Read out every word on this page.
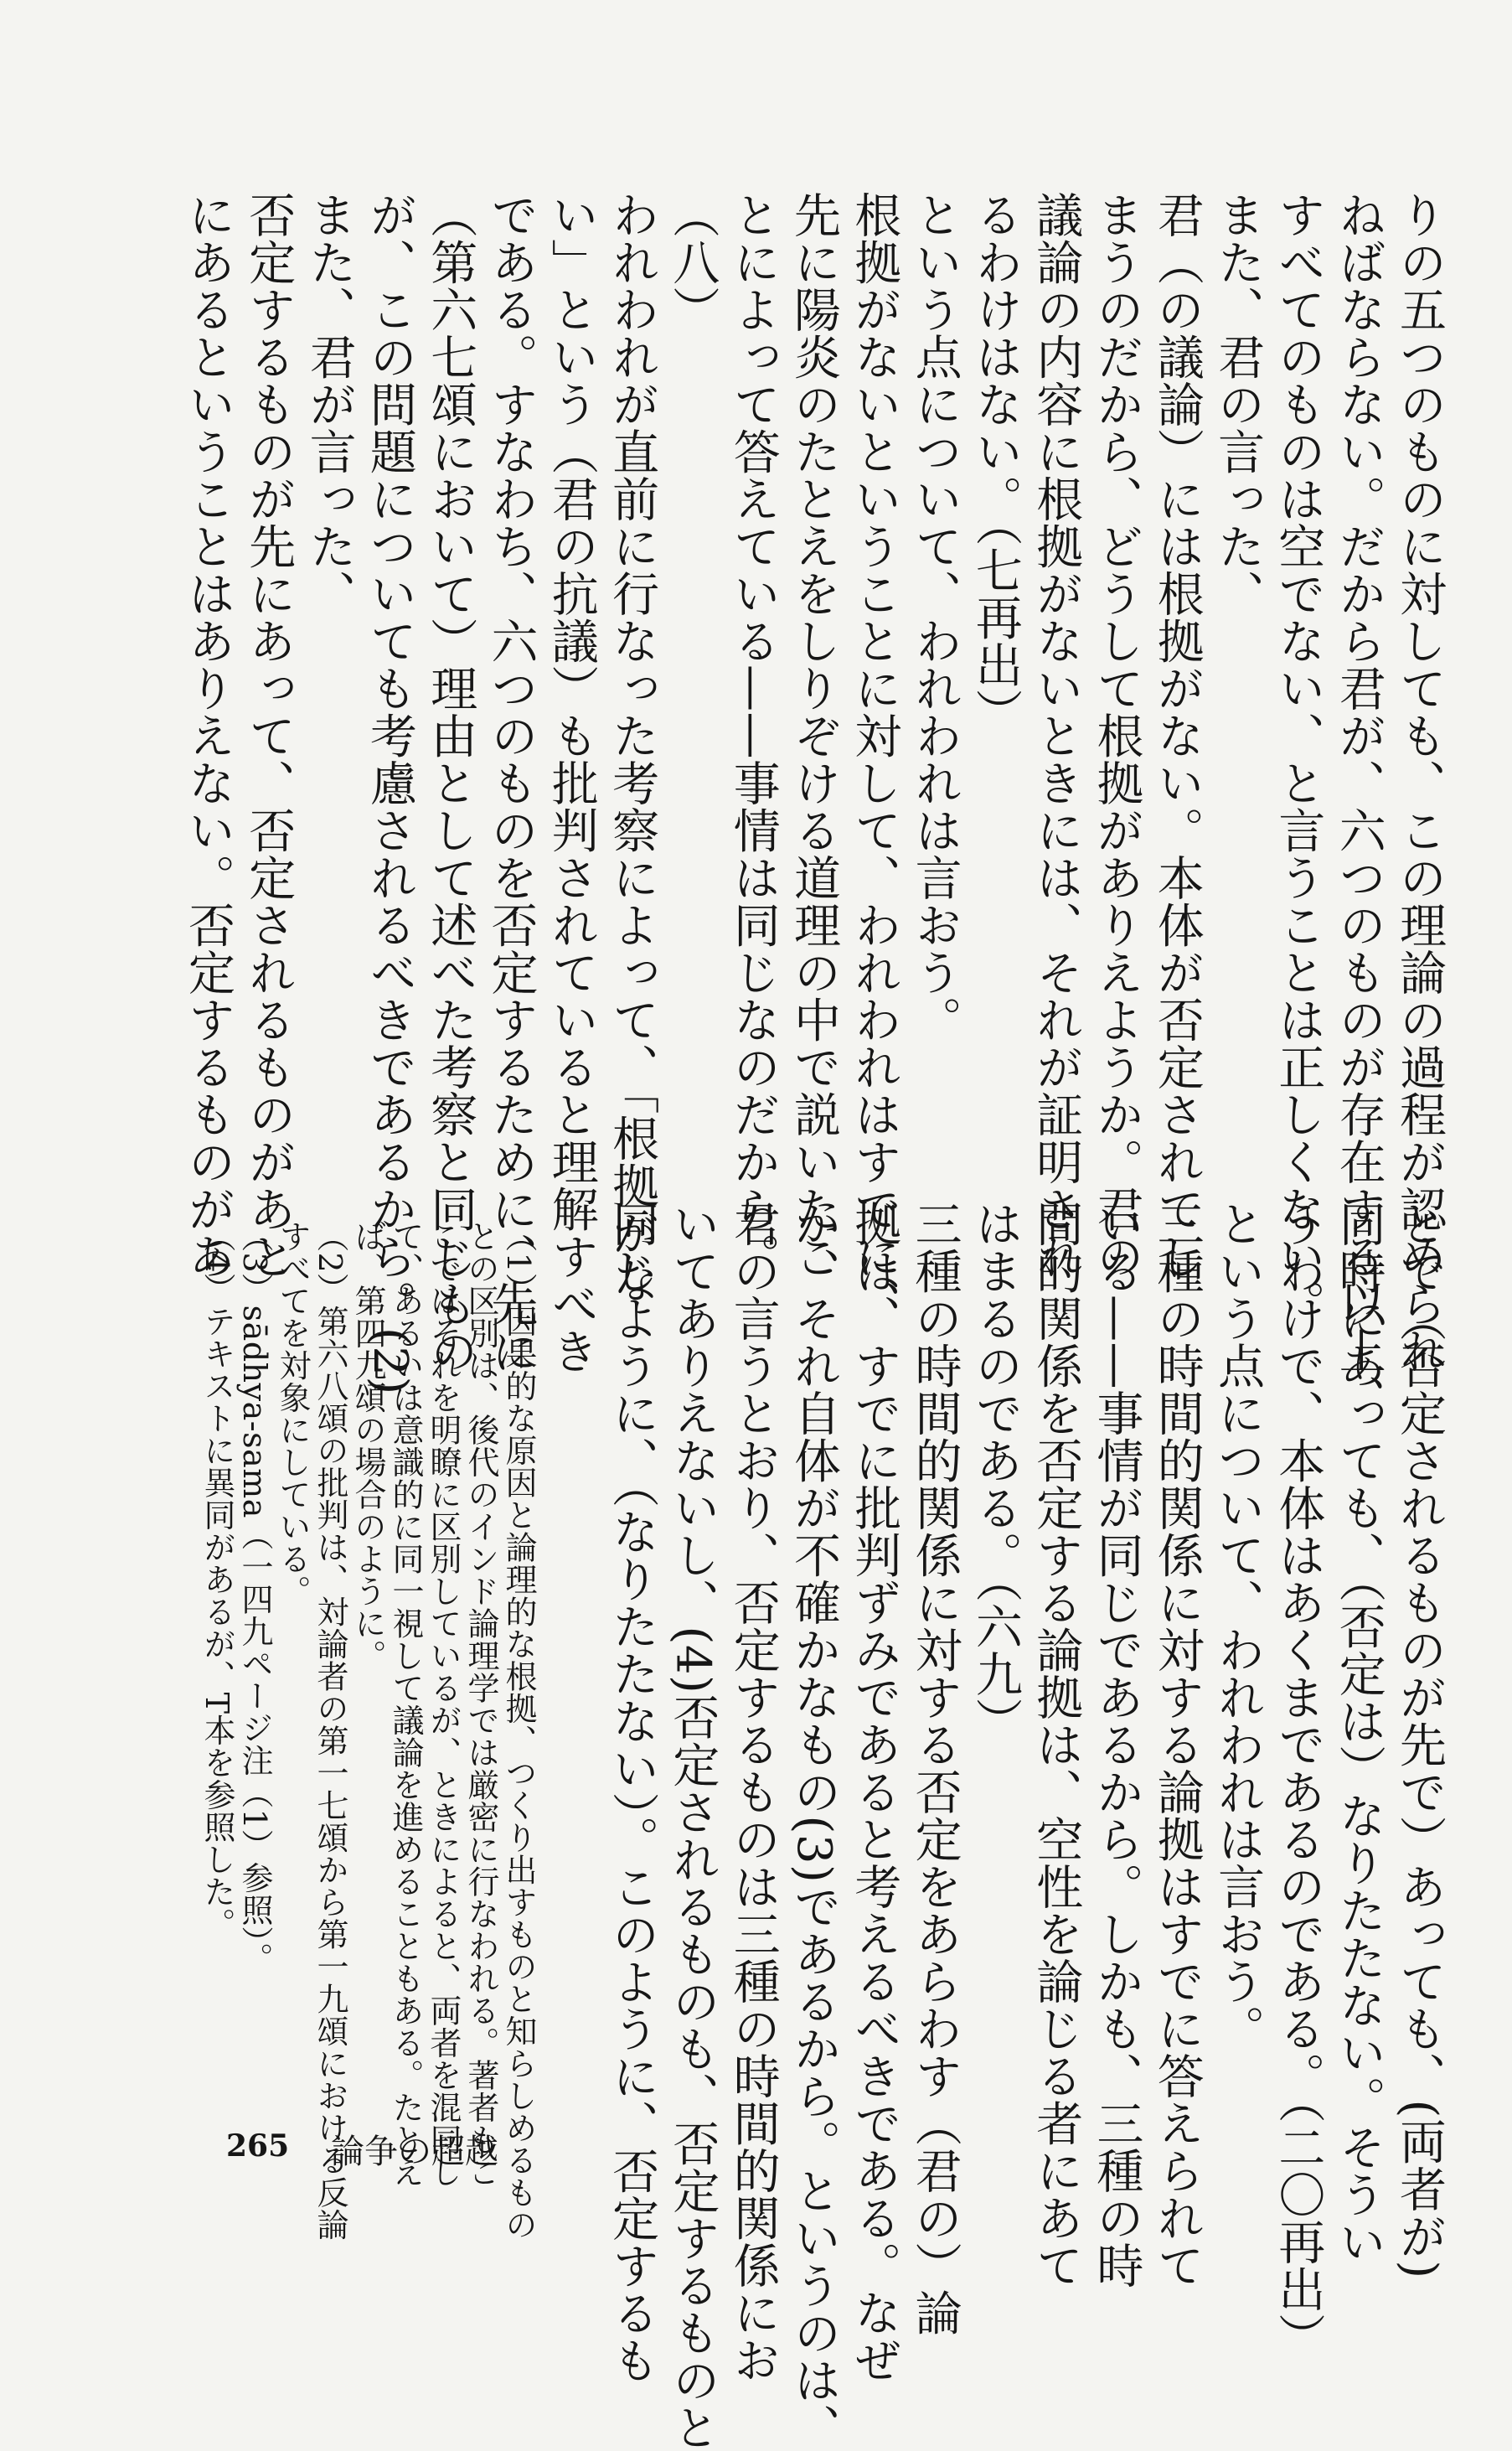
りの五つのものに対しても、この理論の過程が認められ
ねばならない。だから君が、六つのものが存在する以上、
すべてのものは空でない、と言うことは正しくない。
また、君の言った、
君（の議論）には根拠がない。本体が否定されてし
まうのだから、どうして根拠がありえようか。君の
議論の内容に根拠がないときには、それが証明され
るわけはない。（七再出）
という点について、われわれは言おう。
根拠がないということに対して、われわれはすでに、
先に陽炎のたとえをしりぞける道理の中で説いたこ
とによって答えている——事情は同じなのだから。
（八）
われわれが直前に行なった考察によって、「根拠がな
い」という（君の抗議）も批判されていると理解すべき
である。すなわち、六つのものを否定するために、先に
（第六七頌において）理由として述べた考察と同じもの
が、この問題についても考慮されるべきであるから。(2)
また、君が言った、
否定するものが先にあって、否定されるものがあと
にあるということはありえない。否定するものがあ
とで（否定されるものが先で）あっても、(両者が)
同時にあっても、（否定は）なりたたない。そうい
うわけで、本体はあくまであるのである。（二〇再出）
という点について、われわれは言おう。
三種の時間的関係に対する論拠はすでに答えられて
いる——事情が同じであるから。しかも、三種の時
間的関係を否定する論拠は、空性を論じる者にあて
はまるのである。（六九）
三種の時間的関係に対する否定をあらわす（君の）論
拠は、すでに批判ずみであると考えるべきである。なぜ
か、それ自体が不確かなもの(3)であるから。というのは、
君の言うとおり、否定するものは三種の時間的関係にお
いてありえないし、(4)否定されるものも、否定するものと
同じように、（なりたたない）。このように、否定するも
（1）因果的な原因と論理的な根拠、つくり出すものと知らしめるもの
との区別は、後代のインド論理学では厳密に行なわれる。著者もこ
こではそれを明瞭に区別しているが、ときによると、両者を混同し
て、あるいは意識的に同一視して議論を進めることもある。たとえ
ば、第四九頌の場合のように。
（2）第六八頌の批判は、対論者の第一七頌から第一九頌における反論
すべてを対象にしている。
（3）sādhya-sama（一四九ページ注（1）参照）。
（4）テキストに異同があるが、T本を参照した。
265 論争の超越
